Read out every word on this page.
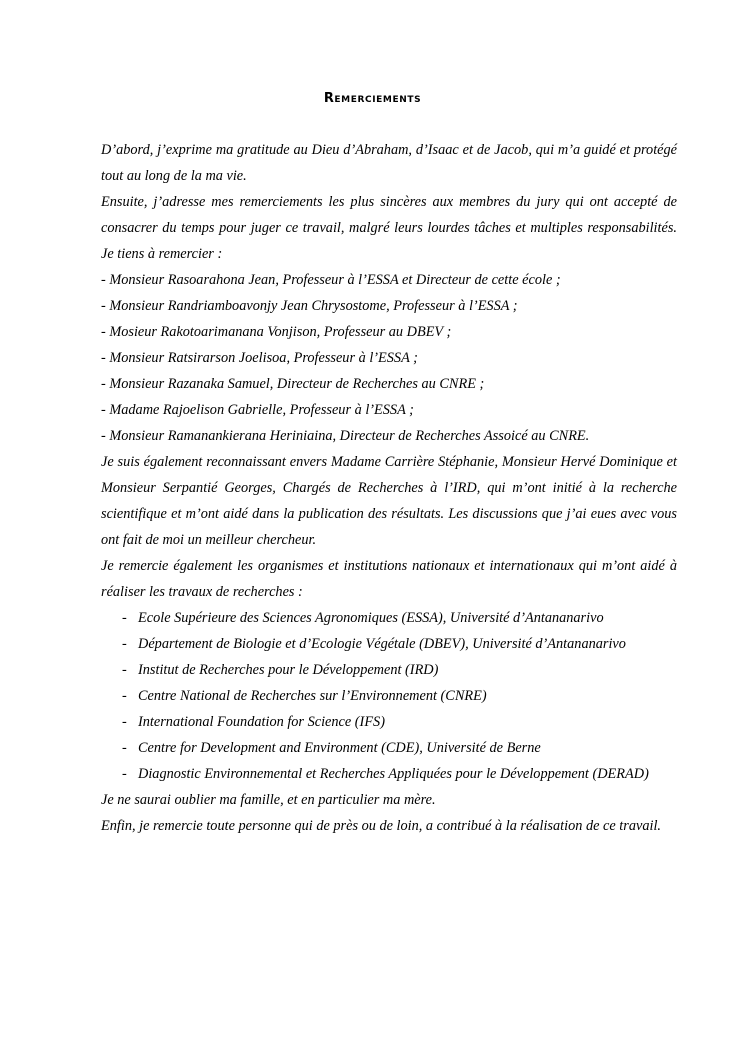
Remerciements

D’abord, j’exprime ma gratitude au Dieu d’Abraham, d’Isaac et de Jacob, qui m’a guidé et protégé tout au long de la ma vie.

Ensuite, j’adresse mes remerciements les plus sincères aux membres du jury qui ont accepté de consacrer du temps pour juger ce travail, malgré leurs lourdes tâches et multiples responsabilités. Je tiens à remercier :

- Monsieur Rasoarahona Jean, Professeur à l’ESSA et Directeur de cette école ;

- Monsieur Randriamboavonjy Jean Chrysostome, Professeur à l’ESSA ;

- Mosieur Rakotoarimanana Vonjison, Professeur au DBEV ;

- Monsieur Ratsirarson Joelisoa, Professeur à l’ESSA ;

- Monsieur Razanaka Samuel, Directeur de Recherches au CNRE ;

- Madame Rajoelison Gabrielle, Professeur à l’ESSA ;

- Monsieur Ramanankierana Heriniaina, Directeur de Recherches Assoicé au CNRE.

Je suis également reconnaissant envers Madame Carrière Stéphanie, Monsieur Hervé Dominique et Monsieur Serpantié Georges, Chargés de Recherches à l’IRD, qui m’ont initié à la recherche scientifique et m’ont aidé dans la publication des résultats. Les discussions que j’ai eues avec vous ont fait de moi un meilleur chercheur.

Je remercie également les organismes et institutions nationaux et internationaux qui m’ont aidé à réaliser les travaux de recherches :

- Ecole Supérieure des Sciences Agronomiques (ESSA), Université d’Antananarivo
- Département de Biologie et d’Ecologie Végétale (DBEV), Université d’Antananarivo
- Institut de Recherches pour le Développement (IRD)
- Centre National de Recherches sur l’Environnement (CNRE)
- International Foundation for Science (IFS)
- Centre for Development and Environment (CDE), Université de Berne
- Diagnostic Environnemental et Recherches Appliquées pour le Développement (DERAD)

Je ne saurai oublier ma famille, et en particulier ma mère.

Enfin, je remercie toute personne qui de près ou de loin, a contribué à la réalisation de ce travail.
